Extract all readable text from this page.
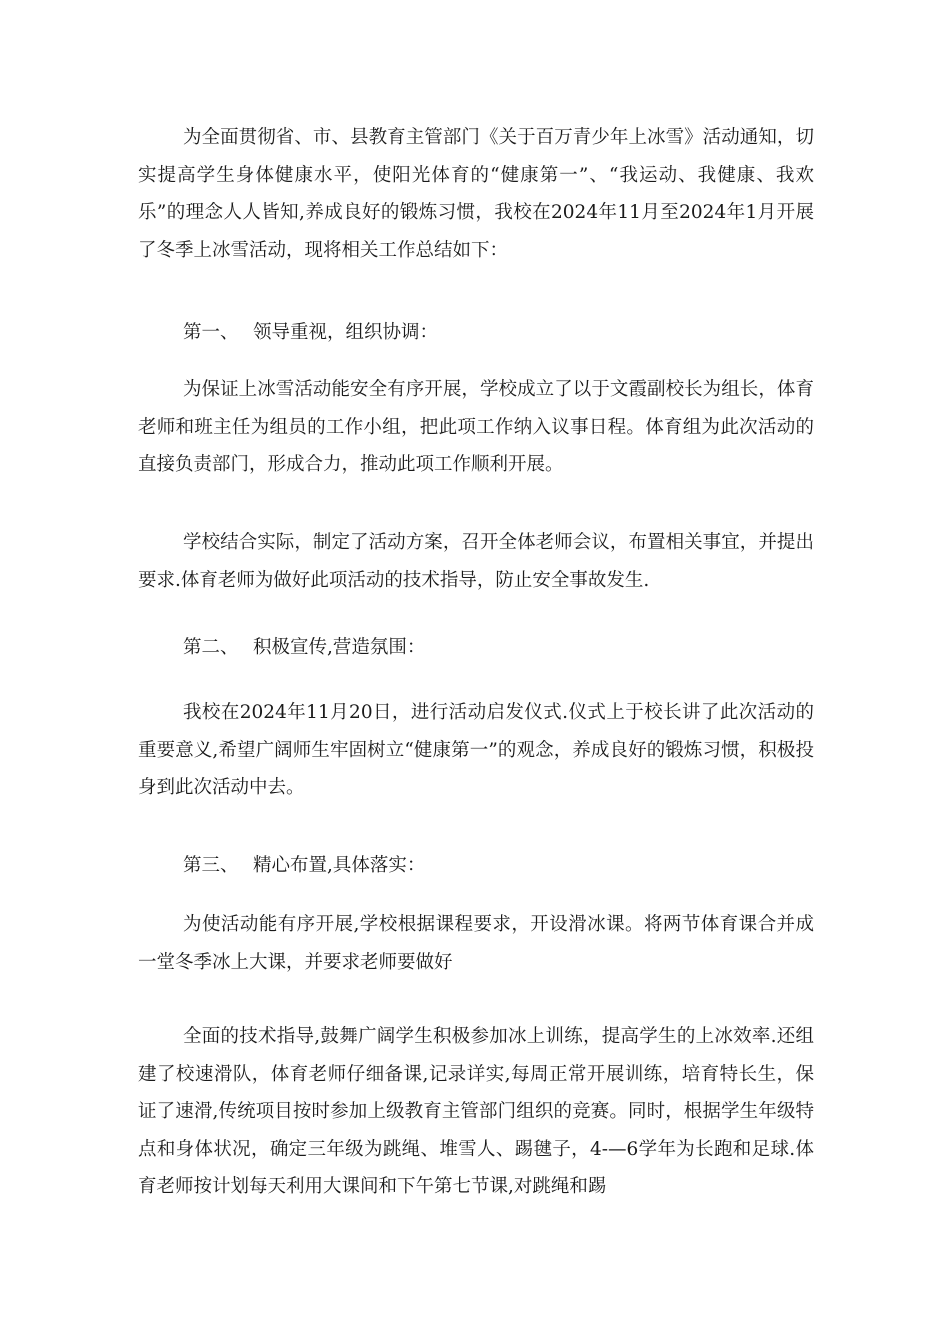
为全面贯彻省、市、县教育主管部门《关于百万青少年上冰雪》活动通知，切实提高学生身体健康水平，使阳光体育的“健康第一”、“我运动、我健康、我欢乐”的理念人人皆知,养成良好的锻炼习惯，我校在2024年11月至2024年1月开展了冬季上冰雪活动，现将相关工作总结如下：

第一、 领导重视，组织协调：

为保证上冰雪活动能安全有序开展，学校成立了以于文霞副校长为组长，体育老师和班主任为组员的工作小组，把此项工作纳入议事日程。体育组为此次活动的直接负责部门，形成合力，推动此项工作顺利开展。

学校结合实际，制定了活动方案，召开全体老师会议，布置相关事宜，并提出要求.体育老师为做好此项活动的技术指导，防止安全事故发生.

第二、 积极宣传,营造氛围：

我校在2024年11月20日，进行活动启发仪式.仪式上于校长讲了此次活动的重要意义,希望广阔师生牢固树立“健康第一”的观念，养成良好的锻炼习惯，积极投身到此次活动中去。

第三、 精心布置,具体落实：

为使活动能有序开展,学校根据课程要求，开设滑冰课。将两节体育课合并成一堂冬季冰上大课，并要求老师要做好

全面的技术指导,鼓舞广阔学生积极参加冰上训练，提高学生的上冰效率.还组建了校速滑队，体育老师仔细备课,记录详实,每周正常开展训练，培育特长生，保证了速滑,传统项目按时参加上级教育主管部门组织的竞赛。同时，根据学生年级特点和身体状况，确定三年级为跳绳、堆雪人、踢毽子，4-—6学年为长跑和足球.体育老师按计划每天利用大课间和下午第七节课,对跳绳和踢
